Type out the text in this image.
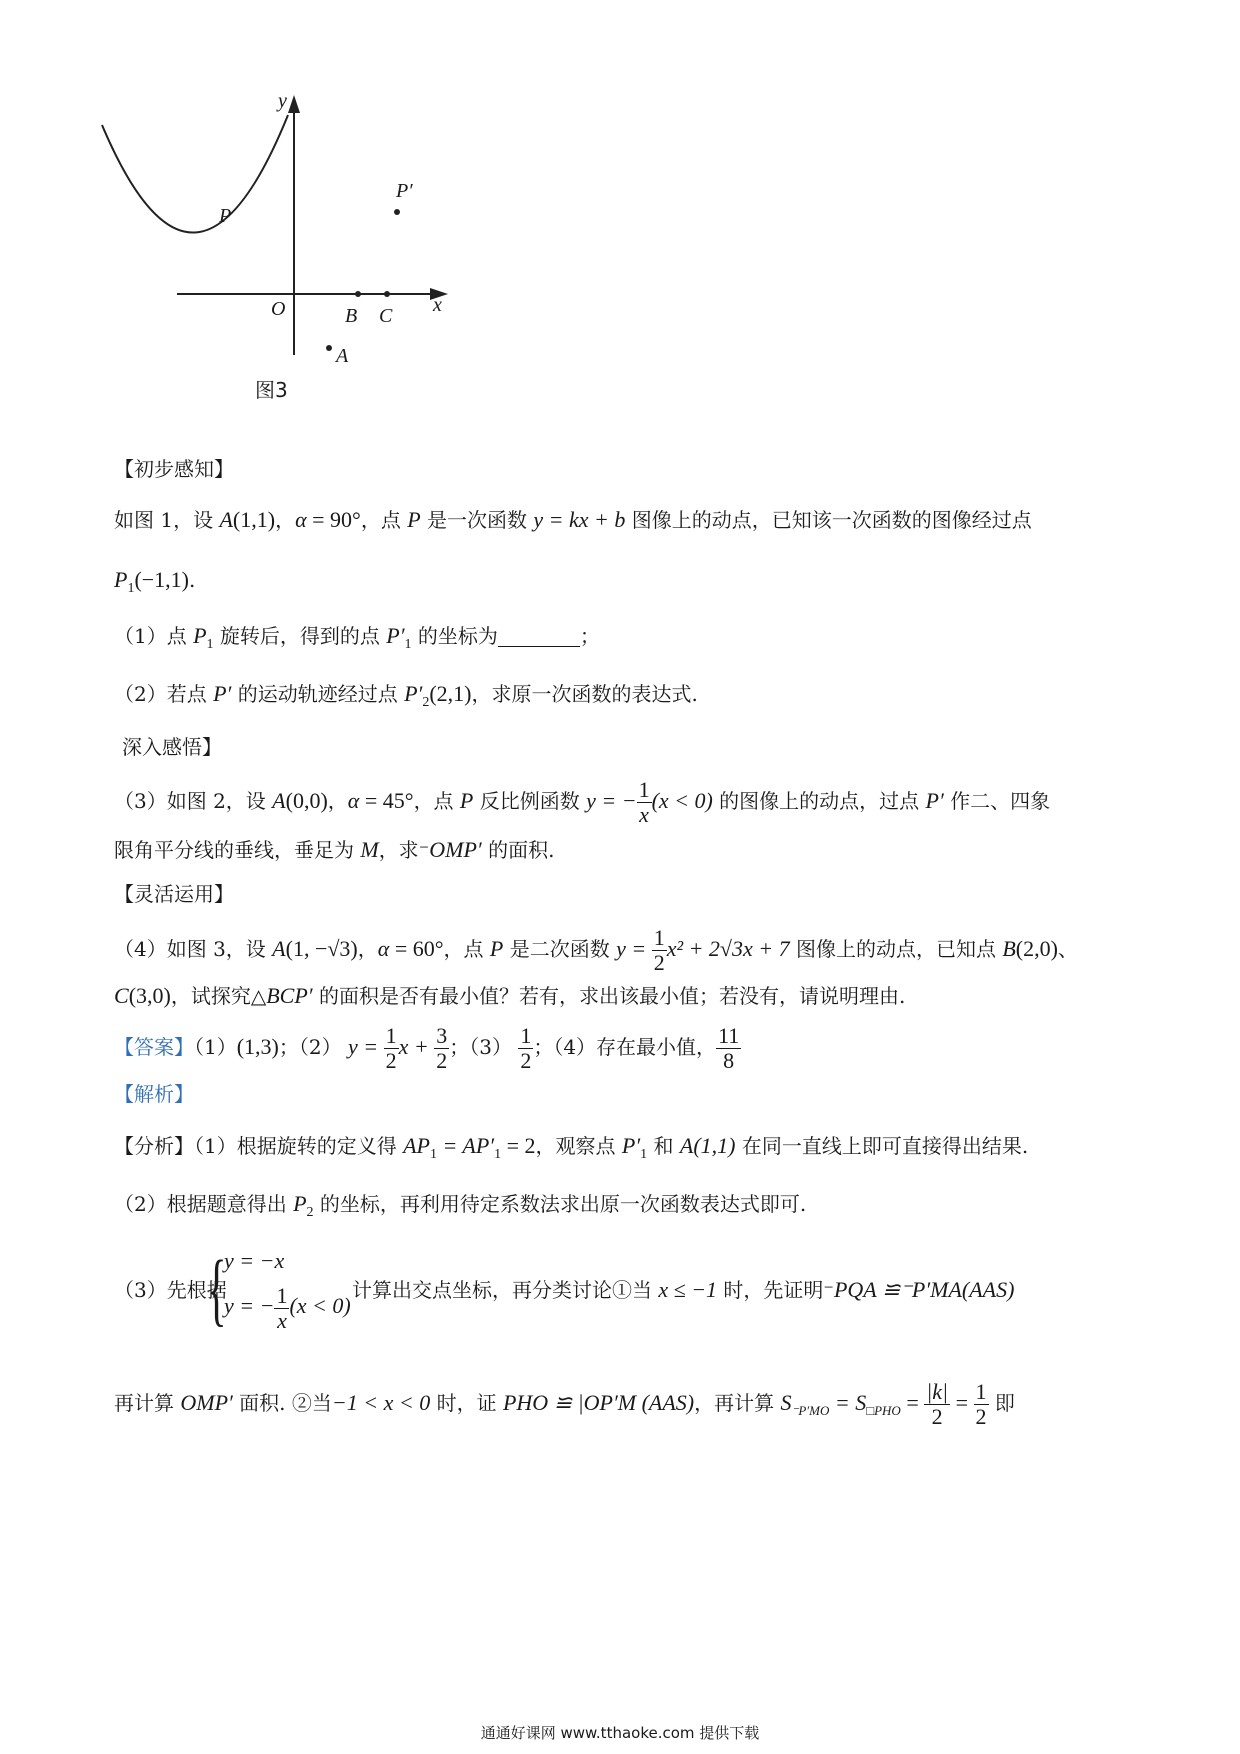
y
x
O
P
P′
A
B C
图3
【初步感知】
如图 1，设 A(1,1)，α = 90°，点 P 是一次函数 y = kx + b 图像上的动点，已知该一次函数的图像经过点
$P_1(-1,1)$.
（1）点 $P_1$ 旋转后，得到的点 $P'_1$ 的坐标为	；
（2）若点 P′ 的运动轨迹经过点 $P'_2(2,1)$，求原一次函数的表达式.
深入感悟】
（3）如图 2，设 A(0,0)，α = 45°，点 P 反比例函数 y = − $\frac{1}{x} (x < 0)$ 的图像上的动点，过点 P′ 作二、四象
限角平分线的垂线，垂足为 M，求⁻OMP′ 的面积.
【灵活运用】
（4）如图 3，设 A(1, −√3)，α = 60°，点 P 是二次函数 $y = \frac{1}{2} x^2 + 2√3x + 7$ 图像上的动点，已知点 B(2,0)、
C(3,0)，试探究△BCP′ 的面积是否有最小值？若有，求出该最小值；若没有，请说明理由.
【答案】（1）(1,3)；（2） $y = \frac{1}{2}$ $x + \frac{3}{2}$ ；$(3) \frac{1}{2}$ ；（4）存在最小值， $\frac{11}{8}$
【解析】
【分析】（1）根据旋转的定义得 $AP_1 = AP'_1 = 2$，观察点 $P'_1$ 和 A(1,1) 在同一直线上即可直接得出结果.
（2）根据题意得出 $P_2$ 的坐标，再利用待定系数法求出原一次函数表达式即可.
（3）先根据
{
y = −x
y = − $\frac{1}{x} (x < 0)$
计算出交点坐标，再分类讨论①当 x ≤ −1 时，先证明⁻PQA ≌⁻P′MA(AAS)
再计算 OMP′ 面积. ②当−1 < x < 0 时，证 PHO ≌ |OP′M (AAS)，再计算 $S_{^-P'MO} = S_{□PHO} = \frac{|k|}{2} = \frac{1}{2}$ 即
通通好课网 www.tthaoke.com 提供下载
